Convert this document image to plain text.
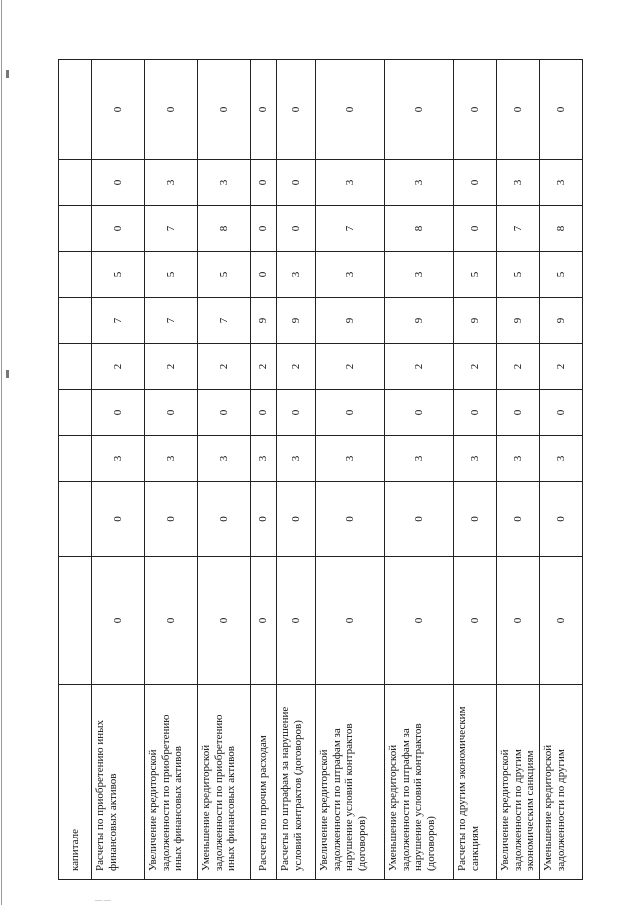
— —
капитале										
Расчеты по приобретению иных финансовых активов	0	0	3	0	2	7	5	0	0	0
Увеличение кредиторской задолженности по приобретению иных финансовых активов	0	0	3	0	2	7	5	7	3	0
Уменьшение кредиторской задолженности по приобретению иных финансовых активов	0	0	3	0	2	7	5	8	3	0
Расчеты по прочим расходам	0	0	3	0	2	9	0	0	0	0
Расчеты по штрафам за нарушение условий контрактов (договоров)	0	0	3	0	2	9	3	0	0	0
Увеличение кредиторской задолженности по штрафам за нарушение условий контрактов (договоров)	0	0	3	0	2	9	3	7	3	0
Уменьшение кредиторской задолженности по штрафам за нарушение условий контрактов (договоров)	0	0	3	0	2	9	3	8	3	0
Расчеты по другим экономическим санкциям	0	0	3	0	2	9	5	0	0	0
Увеличение кредиторской задолженности по другим экономическим санкциям	0	0	3	0	2	9	5	7	3	0
Уменьшение кредиторской задолженности по другим	0	0	3	0	2	9	5	8	3	0
